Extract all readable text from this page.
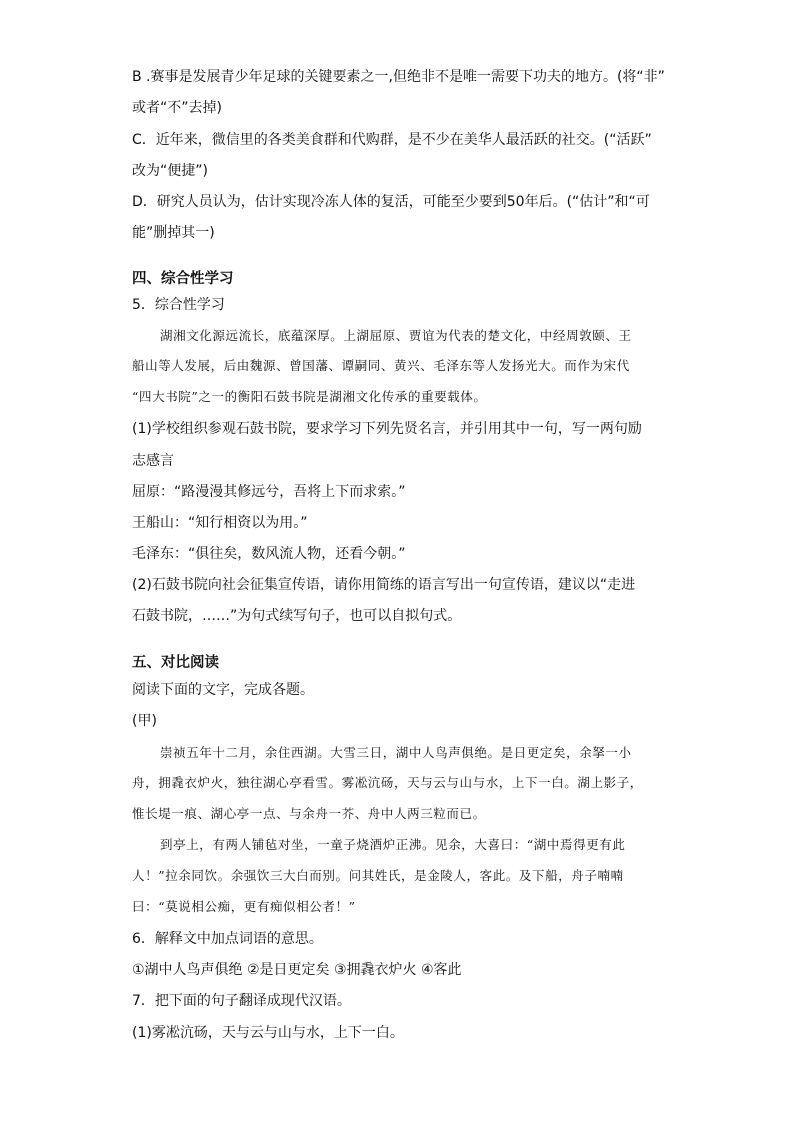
B .赛事是发展青少年足球的关键要素之一,但绝非不是唯一需要下功夫的地方。(将“非”
或者“不”去掉)
C．近年来，微信里的各类美食群和代购群，是不少在美华人最活跃的社交。(“活跃”
改为“便捷”)
D．研究人员认为，估计实现冷冻人体的复活，可能至少要到50年后。(“估计”和“可
能”删掉其一)
四、综合性学习
5．综合性学习
湖湘文化源远流长，底蕴深厚。上湖屈原、贾谊为代表的楚文化，中经周敦颐、王
船山等人发展，后由魏源、曾国藩、谭嗣同、黄兴、毛泽东等人发扬光大。而作为宋代
“四大书院”之一的衡阳石鼓书院是湖湘文化传承的重要载体。
(1)学校组织参观石鼓书院，要求学习下列先贤名言，并引用其中一句，写一两句励
志感言
屈原：“路漫漫其修远兮，吾将上下而求索。”
王船山：“知行相资以为用。”
毛泽东：“俱往矣，数风流人物，还看今朝。”
(2)石鼓书院向社会征集宣传语，请你用简练的语言写出一句宣传语，建议以“走进
石鼓书院，……”为句式续写句子，也可以自拟句式。
五、对比阅读
阅读下面的文字，完成各题。
(甲)
崇祯五年十二月，余住西湖。大雪三日，湖中人鸟声俱绝。是日更定矣，余拏一小
舟，拥毳衣炉火，独往湖心亭看雪。雾凇沆砀，天与云与山与水，上下一白。湖上影子，
惟长堤一痕、湖心亭一点、与余舟一芥、舟中人两三粒而已。
到亭上，有两人铺毡对坐，一童子烧酒炉正沸。见余，大喜曰：“湖中焉得更有此
人！”拉余同饮。余强饮三大白而别。问其姓氏，是金陵人，客此。及下船，舟子喃喃
曰：“莫说相公痴，更有痴似相公者！”
6．解释文中加点词语的意思。
①湖中人鸟声俱绝 ②是日更定矣 ③拥毳衣炉火 ④客此
7．把下面的句子翻译成现代汉语。
(1)雾凇沆砀，天与云与山与水，上下一白。
